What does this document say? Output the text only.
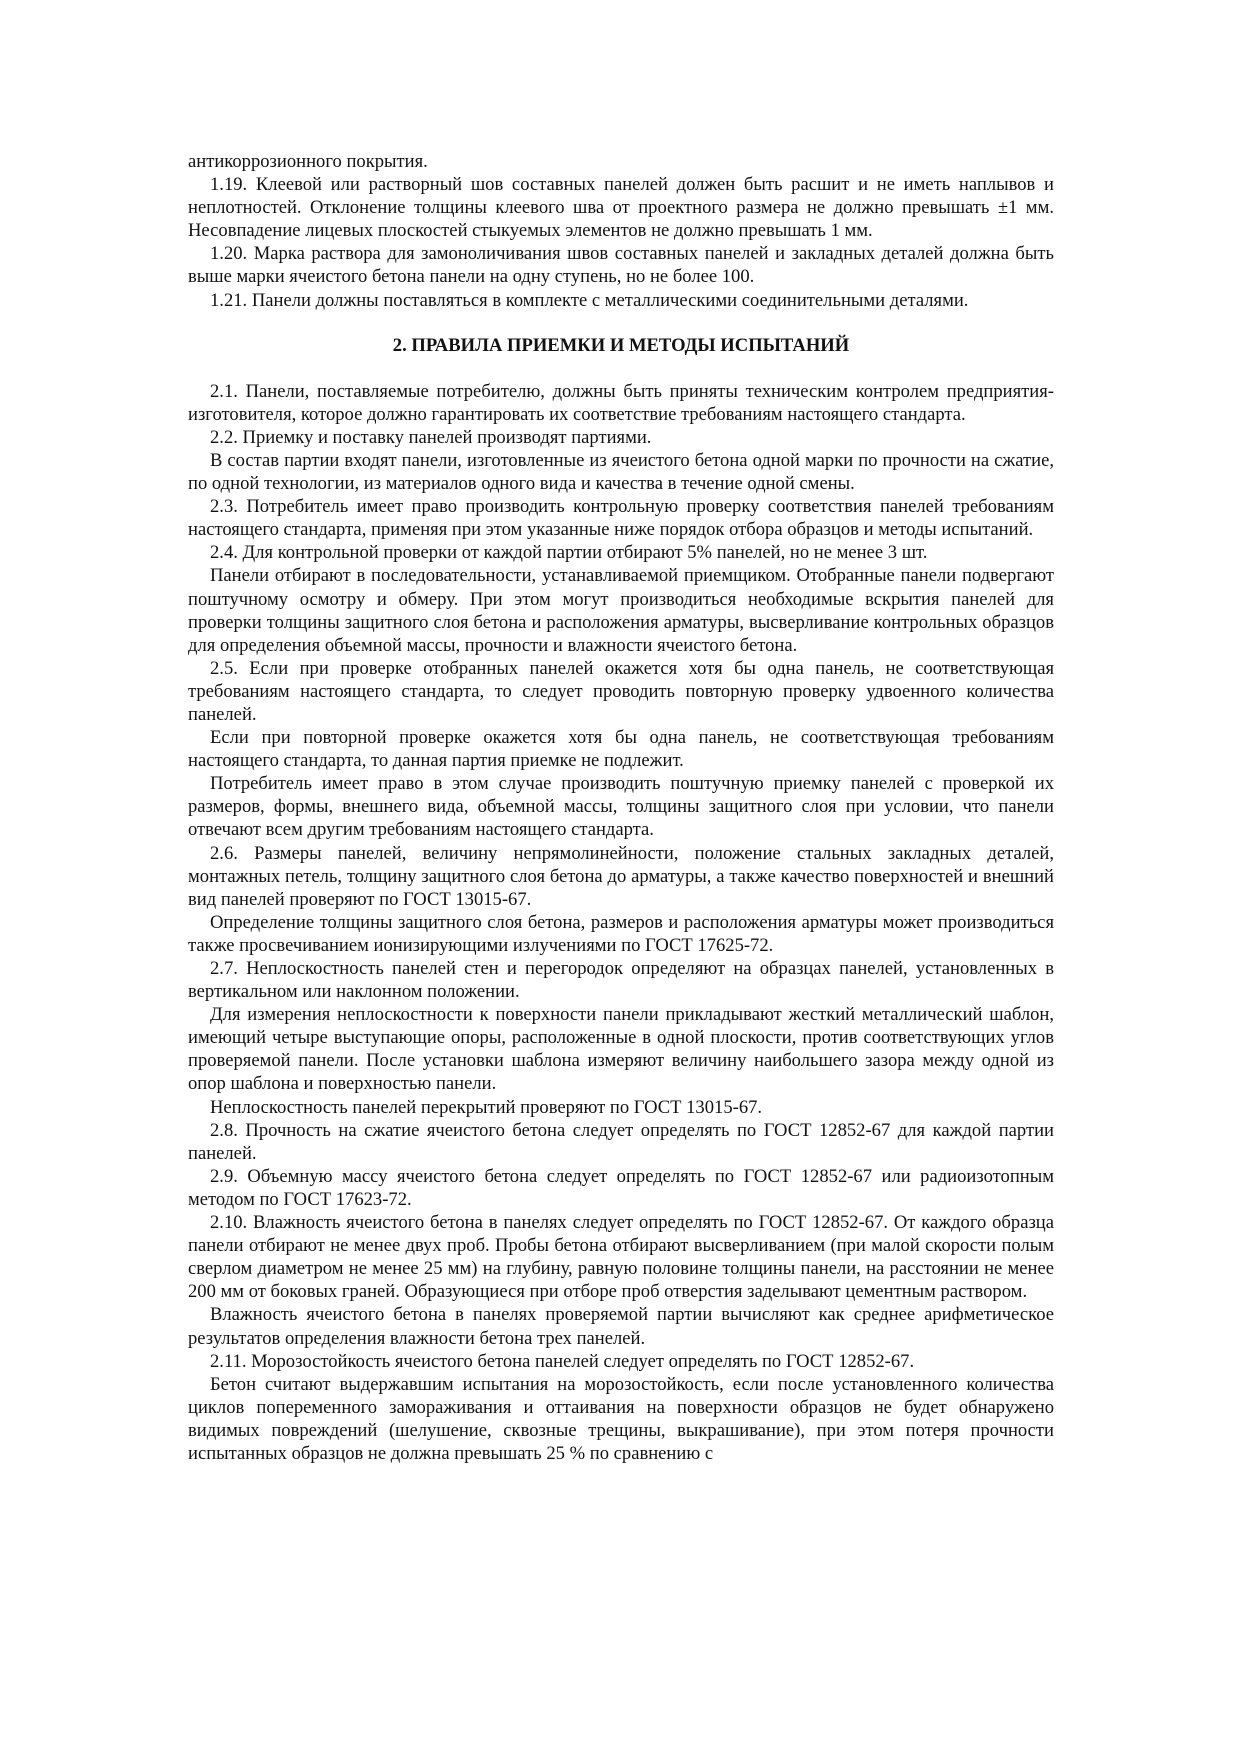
антикоррозионного покрытия.

1.19. Клеевой или растворный шов составных панелей должен быть расшит и не иметь наплывов и неплотностей. Отклонение толщины клеевого шва от проектного размера не должно превышать ±1 мм. Несовпадение лицевых плоскостей стыкуемых элементов не должно превышать 1 мм.

1.20. Марка раствора для замоноличивания швов составных панелей и закладных деталей должна быть выше марки ячеистого бетона панели на одну ступень, но не более 100.

1.21. Панели должны поставляться в комплекте с металлическими соединительными деталями.

2. ПРАВИЛА ПРИЕМКИ И МЕТОДЫ ИСПЫТАНИЙ

2.1. Панели, поставляемые потребителю, должны быть приняты техническим контролем предприятия-изготовителя, которое должно гарантировать их соответствие требованиям настоящего стандарта.

2.2. Приемку и поставку панелей производят партиями.

В состав партии входят панели, изготовленные из ячеистого бетона одной марки по прочности на сжатие, по одной технологии, из материалов одного вида и качества в течение одной смены.

2.3. Потребитель имеет право производить контрольную проверку соответствия панелей требованиям настоящего стандарта, применяя при этом указанные ниже порядок отбора образцов и методы испытаний.

2.4. Для контрольной проверки от каждой партии отбирают 5% панелей, но не менее 3 шт.

Панели отбирают в последовательности, устанавливаемой приемщиком. Отобранные панели подвергают поштучному осмотру и обмеру. При этом могут производиться необходимые вскрытия панелей для проверки толщины защитного слоя бетона и расположения арматуры, высверливание контрольных образцов для определения объемной массы, прочности и влажности ячеистого бетона.

2.5. Если при проверке отобранных панелей окажется хотя бы одна панель, не соответствующая требованиям настоящего стандарта, то следует проводить повторную проверку удвоенного количества панелей.

Если при повторной проверке окажется хотя бы одна панель, не соответствующая требованиям настоящего стандарта, то данная партия приемке не подлежит.

Потребитель имеет право в этом случае производить поштучную приемку панелей с проверкой их размеров, формы, внешнего вида, объемной массы, толщины защитного слоя при условии, что панели отвечают всем другим требованиям настоящего стандарта.

2.6. Размеры панелей, величину непрямолинейности, положение стальных закладных деталей, монтажных петель, толщину защитного слоя бетона до арматуры, а также качество поверхностей и внешний вид панелей проверяют по ГОСТ 13015-67.

Определение толщины защитного слоя бетона, размеров и расположения арматуры может производиться также просвечиванием ионизирующими излучениями по ГОСТ 17625-72.

2.7. Неплоскостность панелей стен и перегородок определяют на образцах панелей, установленных в вертикальном или наклонном положении.

Для измерения неплоскостности к поверхности панели прикладывают жесткий металлический шаблон, имеющий четыре выступающие опоры, расположенные в одной плоскости, против соответствующих углов проверяемой панели. После установки шаблона измеряют величину наибольшего зазора между одной из опор шаблона и поверхностью панели.

Неплоскостность панелей перекрытий проверяют по ГОСТ 13015-67.

2.8. Прочность на сжатие ячеистого бетона следует определять по ГОСТ 12852-67 для каждой партии панелей.

2.9. Объемную массу ячеистого бетона следует определять по ГОСТ 12852-67 или радиоизотопным методом по ГОСТ 17623-72.

2.10. Влажность ячеистого бетона в панелях следует определять по ГОСТ 12852-67. От каждого образца панели отбирают не менее двух проб. Пробы бетона отбирают высверливанием (при малой скорости полым сверлом диаметром не менее 25 мм) на глубину, равную половине толщины панели, на расстоянии не менее 200 мм от боковых граней. Образующиеся при отборе проб отверстия заделывают цементным раствором.

Влажность ячеистого бетона в панелях проверяемой партии вычисляют как среднее арифметическое результатов определения влажности бетона трех панелей.

2.11. Морозостойкость ячеистого бетона панелей следует определять по ГОСТ 12852-67.

Бетон считают выдержавшим испытания на морозостойкость, если после установленного количества циклов попеременного замораживания и оттаивания на поверхности образцов не будет обнаружено видимых повреждений (шелушение, сквозные трещины, выкрашивание), при этом потеря прочности испытанных образцов не должна превышать 25 % по сравнению с
